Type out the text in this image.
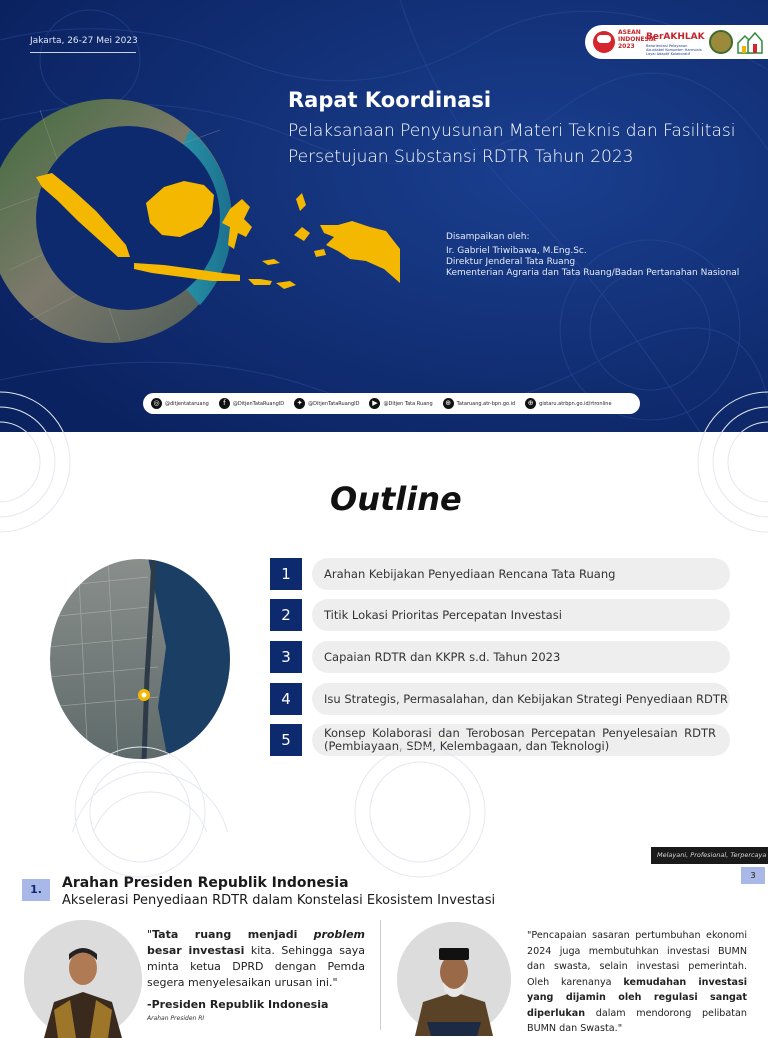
Jakarta, 26-27 Mei 2023
ASEAN INDONESIA 2023
BerAKHLAK
Berorientasi Pelayanan Akuntabel Kompeten Harmonis Loyal Adaptif Kolaboratif
Rapat Koordinasi
Pelaksanaan Penyusunan Materi Teknis dan Fasilitasi Persetujuan Substansi RDTR Tahun 2023
Disampaikan oleh:
Ir. Gabriel Triwibawa, M.Eng.Sc.
Direktur Jenderal Tata Ruang
Kementerian Agraria dan Tata Ruang/Badan Pertanahan Nasional
◎	@ditjentataruang	f	@DitjenTataRuangID	✦	@DitjenTataRuangID	▶	@Ditjen Tata Ruang	⊕	Tataruang.atr-bpn.go.id	⊕	gistaru.atrbpn.go.id/rtronline
Outline
1	Arahan Kebijakan Penyediaan Rencana Tata Ruang
2	Titik Lokasi Prioritas Percepatan Investasi
3	Capaian RDTR dan KKPR s.d. Tahun 2023
4	Isu Strategis, Permasalahan, dan Kebijakan Strategi Penyediaan RDTR
5	Konsep Kolaborasi dan Terobosan Percepatan Penyelesaian RDTR (Pembiayaan, SDM, Kelembagaan, dan Teknologi)
Melayani, Profesional, Terpercaya
3
1.	Arahan Presiden Republik Indonesia
Akselerasi Penyediaan RDTR dalam Konstelasi Ekosistem Investasi
"Tata ruang menjadi problem besar investasi kita. Sehingga saya minta ketua DPRD dengan Pemda segera menyelesaikan urusan ini."
-Presiden Republik Indonesia
Arahan Presiden RI
"Pencapaian sasaran pertumbuhan ekonomi 2024 juga membutuhkan investasi BUMN dan swasta, selain investasi pemerintah. Oleh karenanya kemudahan investasi yang dijamin oleh regulasi sangat diperlukan dalam mendorong pelibatan BUMN dan Swasta."
